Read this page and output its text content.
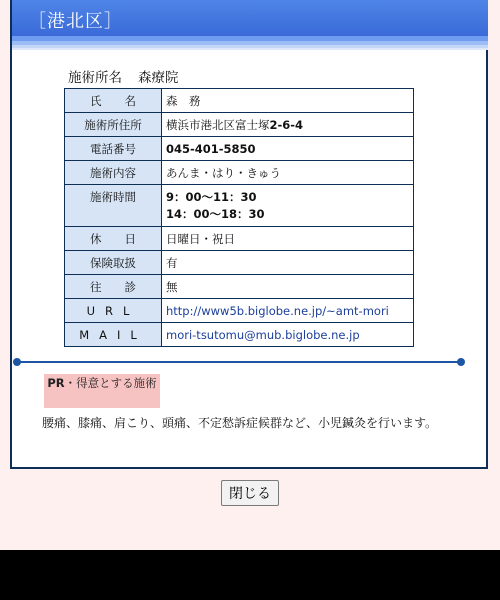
［港北区］
施術所名 森療院
氏　　名	森　務
施術所住所	横浜市港北区富士塚2-6-4
電話番号	045-401-5850
施術内容	あんま・はり・きゅう
施術時間	9：00〜11：30
14：00〜18：30

休　　日	日曜日・祝日
保険取扱	有
往　　診	無
URL	http://www5b.biglobe.ne.jp/~amt-mori
MAIL	mori-tsutomu@mub.biglobe.ne.jp
PR・得意とする施術
腰痛、膝痛、肩こり、頭痛、不定愁訴症候群など、小児鍼灸を行います。
閉じる
